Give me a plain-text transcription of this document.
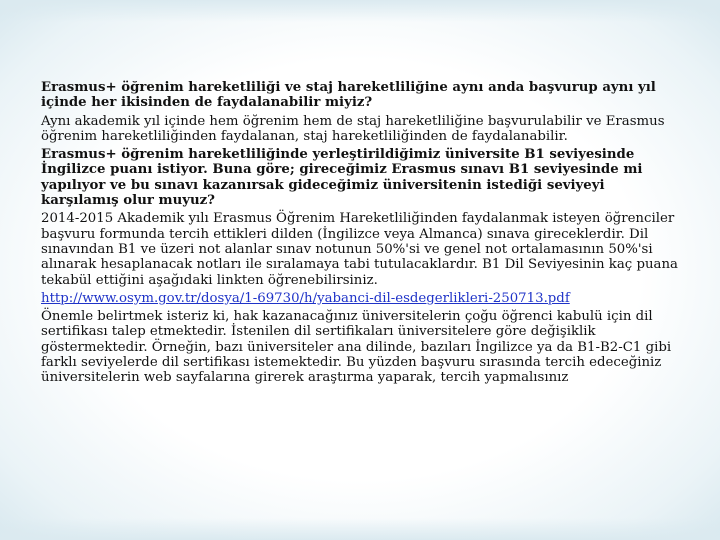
Erasmus+ öğrenim hareketliliği ve staj hareketliliğine aynı anda başvurup aynı yıl içinde her ikisinden de faydalanabilir miyiz?

Aynı akademik yıl içinde hem öğrenim hem de staj hareketliliğine başvurulabilir ve Erasmus öğrenim hareketliliğinden faydalanan, staj hareketliliğinden de faydalanabilir.

Erasmus+ öğrenim hareketliliğinde yerleştirildiğimiz üniversite B1 seviyesinde İngilizce puanı istiyor. Buna göre; gireceğimiz Erasmus sınavı B1 seviyesinde mi yapılıyor ve bu sınavı kazanırsak gideceğimiz üniversitenin istediği seviyeyi karşılamış olur muyuz?

2014-2015 Akademik yılı Erasmus Öğrenim Hareketliliğinden faydalanmak isteyen öğrenciler başvuru formunda tercih ettikleri dilden (İngilizce veya Almanca) sınava gireceklerdir. Dil sınavından B1 ve üzeri not alanlar sınav notunun 50%'si ve genel not ortalamasının 50%'si alınarak hesaplanacak notları ile sıralamaya tabi tutulacaklardır. B1 Dil Seviyesinin kaç puana tekabül ettiğini aşağıdaki linkten öğrenebilirsiniz.

http://www.osym.gov.tr/dosya/1-69730/h/yabanci-dil-esdegerlikleri-250713.pdf

Önemle belirtmek isteriz ki, hak kazanacağınız üniversitelerin çoğu öğrenci kabulü için dil sertifikası talep etmektedir. İstenilen dil sertifikaları üniversitelere göre değişiklik göstermektedir. Örneğin, bazı üniversiteler ana dilinde, bazıları İngilizce ya da B1-B2-C1 gibi farklı seviyelerde dil sertifikası istemektedir. Bu yüzden başvuru sırasında tercih edeceğiniz üniversitelerin web sayfalarına girerek araştırma yaparak, tercih yapmalısınız
